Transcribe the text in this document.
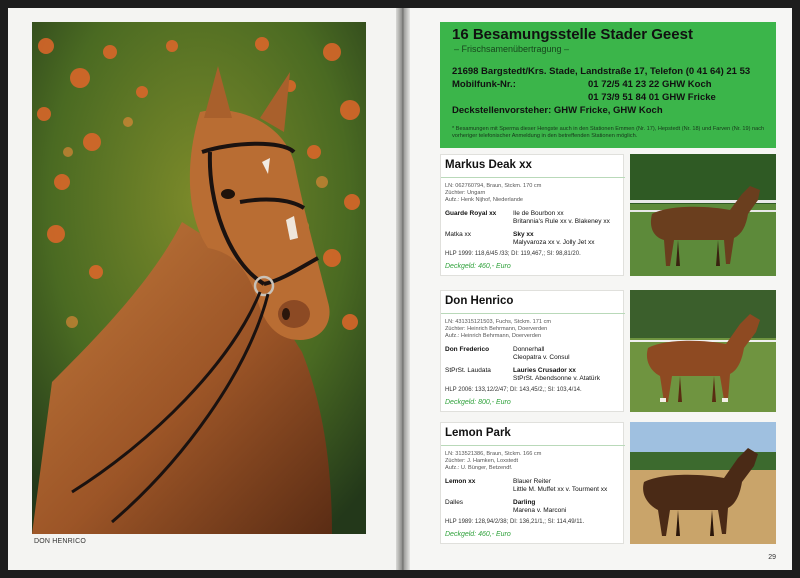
DON HENRICO
16 Besamungsstelle Stader Geest
– Frischsamenübertragung –
21698 Bargstedt/Krs. Stade, Landstraße 17, Telefon (0 41 64) 21 53
Mobilfunk-Nr.:	01 72/5 41 23 22 GHW Koch
01 73/9 51 84 01 GHW Fricke
Deckstellenvorsteher: GHW Fricke, GHW Koch
* Besamungen mit Sperma dieser Hengste auch in den Stationen Emmen (Nr. 17), Hepstedt (Nr. 18) und Farven (Nr. 19) nach vorheriger telefonischer Anmeldung in den betreffenden Stationen möglich.
Markus Deak xx
LN: 062760794, Braun, Stckm. 170 cm
Züchter: Ungarn
Aufz.: Henk Nijhof, Niederlande
Guarde Royal xx	Ile de Bourbon xx
Britannia's Rule xx v. Blakeney xx
Matka xx	Sky xx
Malyvaroza xx v. Jolly Jet xx
HLP 1999: 118,6/45 /33; DI: 119,467,; SI: 98,81/20.
Deckgeld: 460,- Euro
Don Henrico
LN: 431315121503, Fuchs, Stckm. 171 cm
Züchter: Heinrich Behrmann, Doerverden
Aufz.: Heinrich Behrmann, Doerverden
Don Frederico	Donnerhall
Cleopatra v. Consul
StPrSt. Laudata	Lauries Crusador xx
StPrSt. Abendsonne v. Atatürk
HLP 2006: 133,12/2/47; DI: 143,45/2,; SI: 103,4/14.
Deckgeld: 800,- Euro
Lemon Park
LN: 313521386, Braun, Stckm. 166 cm
Züchter: J. Hamken, Loxstedt
Aufz.: U. Bünger, Betzendf.
Lemon xx	Blauer Reiter
Little M. Muffet xx v. Tourment xx
Dalles	Darling
Marena v. Marconi
HLP 1989: 128,94/2/38; DI: 136,21/1,; SI: 114,49/11.
Deckgeld: 460,- Euro
29
